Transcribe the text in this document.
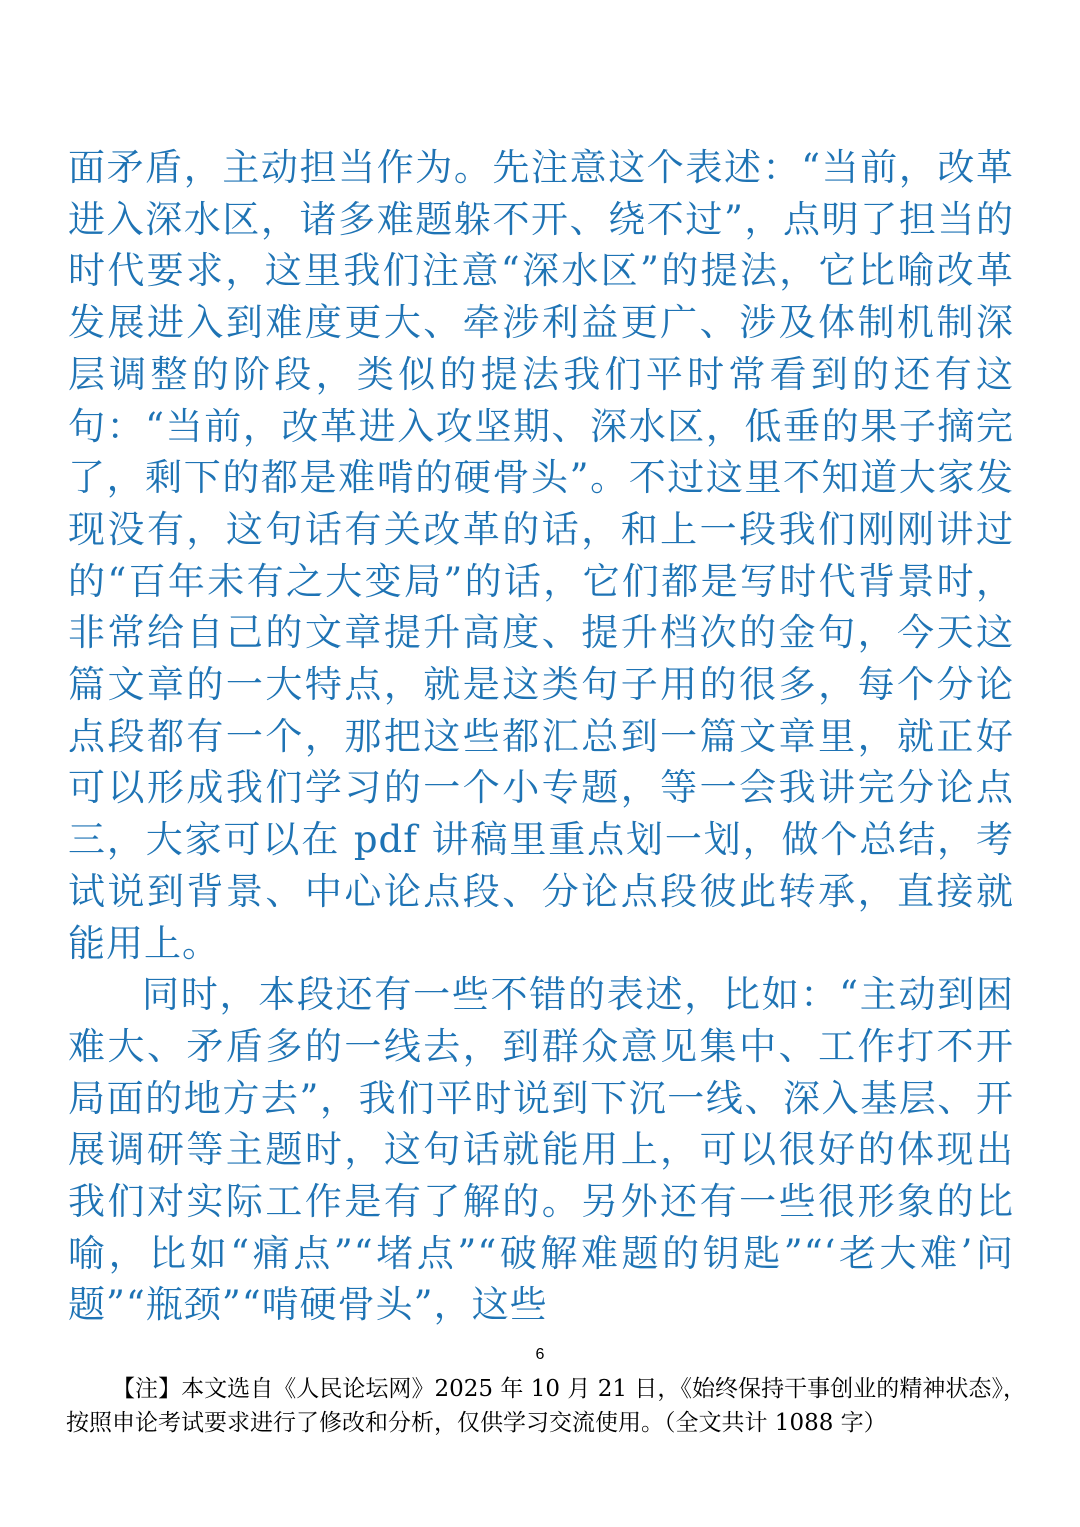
面矛盾，主动担当作为。先注意这个表述：“当前，改革进入深水区，诸多难题躲不开、绕不过”，点明了担当的时代要求，这里我们注意“深水区”的提法，它比喻改革发展进入到难度更大、牵涉利益更广、涉及体制机制深层调整的阶段，类似的提法我们平时常看到的还有这句：“当前，改革进入攻坚期、深水区，低垂的果子摘完了，剩下的都是难啃的硬骨头”。不过这里不知道大家发现没有，这句话有关改革的话，和上一段我们刚刚讲过的“百年未有之大变局”的话，它们都是写时代背景时，非常给自己的文章提升高度、提升档次的金句，今天这篇文章的一大特点，就是这类句子用的很多，每个分论点段都有一个，那把这些都汇总到一篇文章里，就正好可以形成我们学习的一个小专题，等一会我讲完分论点三，大家可以在 pdf 讲稿里重点划一划，做个总结，考试说到背景、中心论点段、分论点段彼此转承，直接就能用上。

同时，本段还有一些不错的表述，比如：“主动到困难大、矛盾多的一线去，到群众意见集中、工作打不开局面的地方去”，我们平时说到下沉一线、深入基层、开展调研等主题时，这句话就能用上，可以很好的体现出我们对实际工作是有了解的。另外还有一些很形象的比喻，比如“痛点”“堵点”“破解难题的钥匙”“‘老大难’问题”“瓶颈”“啃硬骨头”，这些

6

【注】本文选自《人民论坛网》2025 年 10 月 21 日，《始终保持干事创业的精神状态》，按照申论考试要求进行了修改和分析，仅供学习交流使用。（全文共计 1088 字）
